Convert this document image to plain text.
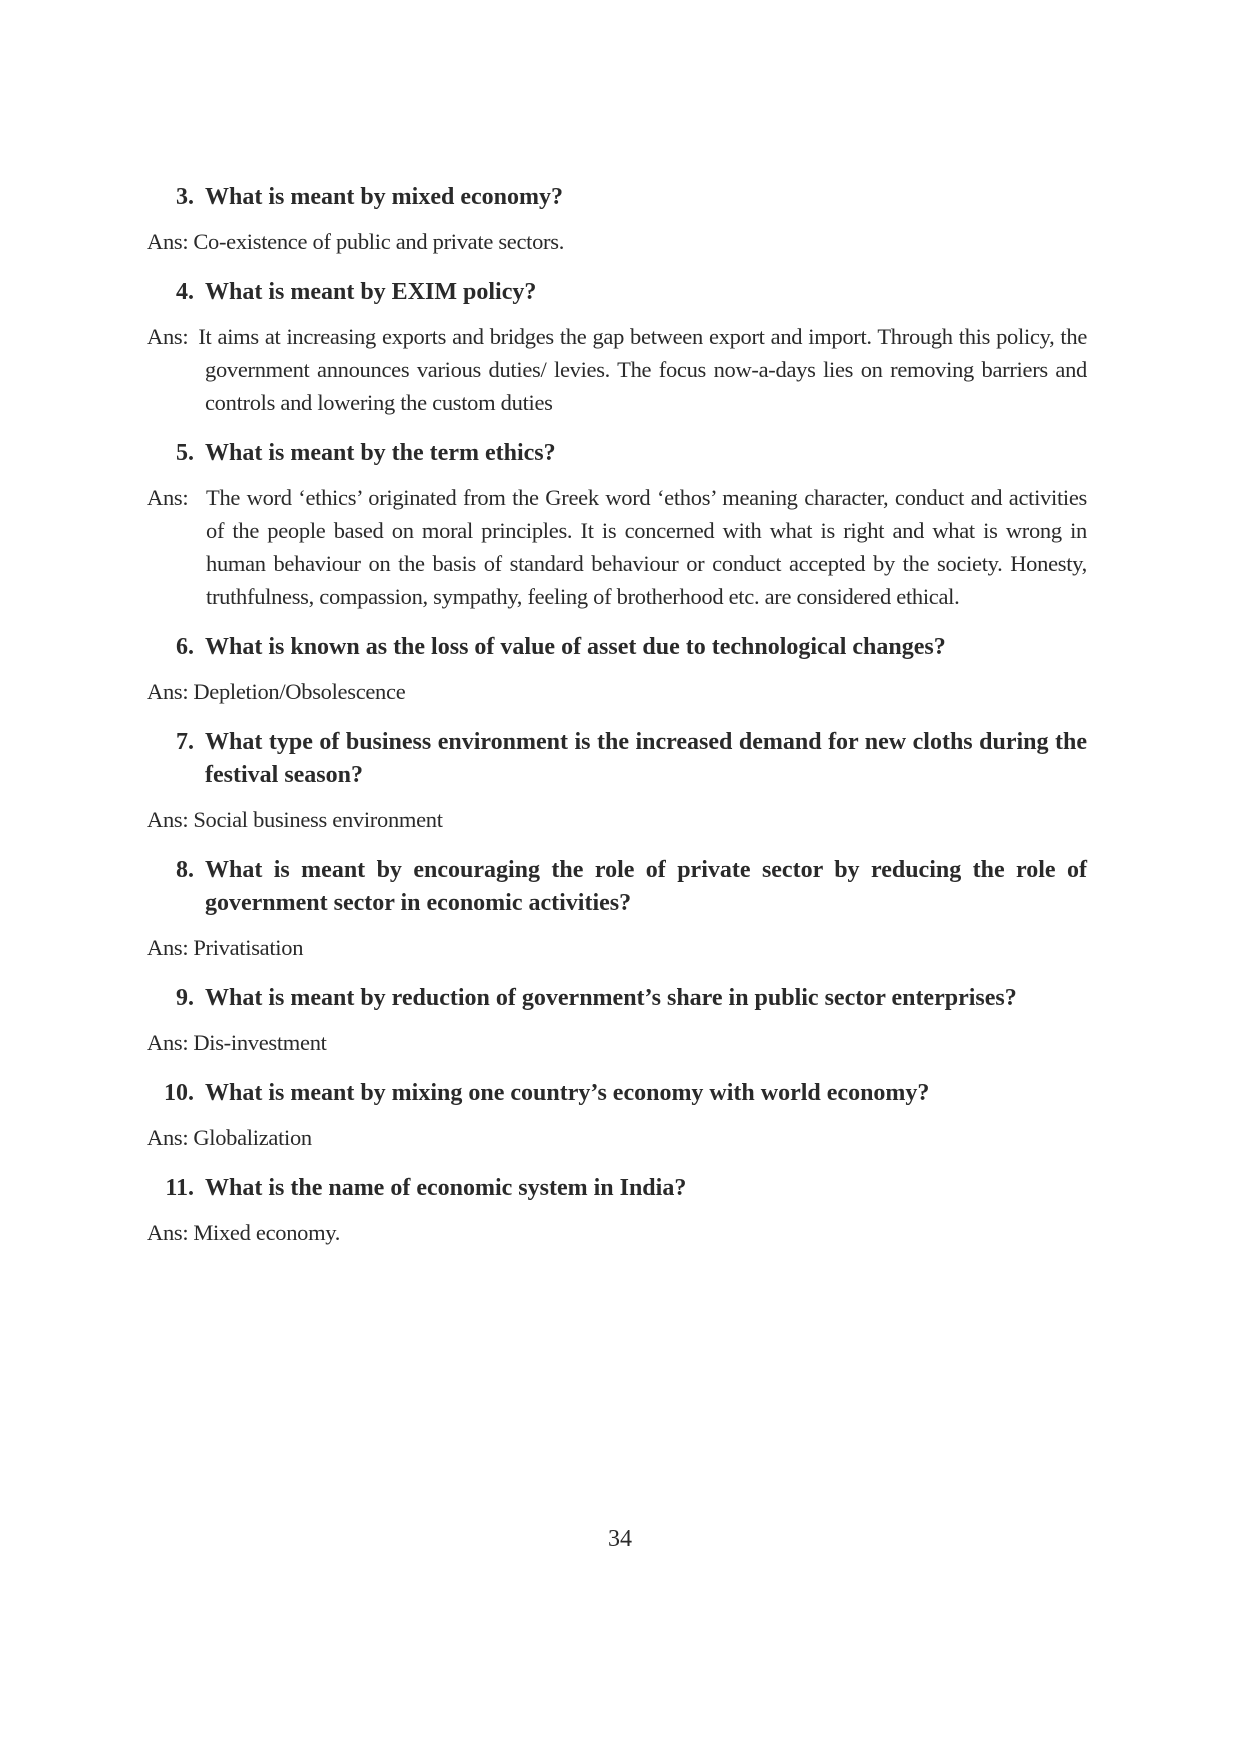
3. What is meant by mixed economy?
Ans: Co-existence of public and private sectors.
4. What is meant by EXIM policy?
Ans: It aims at increasing exports and bridges the gap between export and import. Through this policy, the government announces various duties/ levies. The focus now-a-days lies on removing barriers and controls and lowering the custom duties
5. What is meant by the term ethics?
Ans: The word ‘ethics’ originated from the Greek word ‘ethos’ meaning character, conduct and activities of the people based on moral principles. It is concerned with what is right and what is wrong in human behaviour on the basis of standard behaviour or conduct accepted by the society. Honesty, truthfulness, compassion, sympathy, feeling of brotherhood etc. are considered ethical.
6. What is known as the loss of value of asset due to technological changes?
Ans: Depletion/Obsolescence
7. What type of business environment is the increased demand for new cloths during the festival season?
Ans: Social business environment
8. What is meant by encouraging the role of private sector by reducing the role of government sector in economic activities?
Ans: Privatisation
9. What is meant by reduction of government’s share in public sector enterprises?
Ans: Dis-investment
10. What is meant by mixing one country’s economy with world economy?
Ans: Globalization
11. What is the name of economic system in India?
Ans: Mixed economy.
34
